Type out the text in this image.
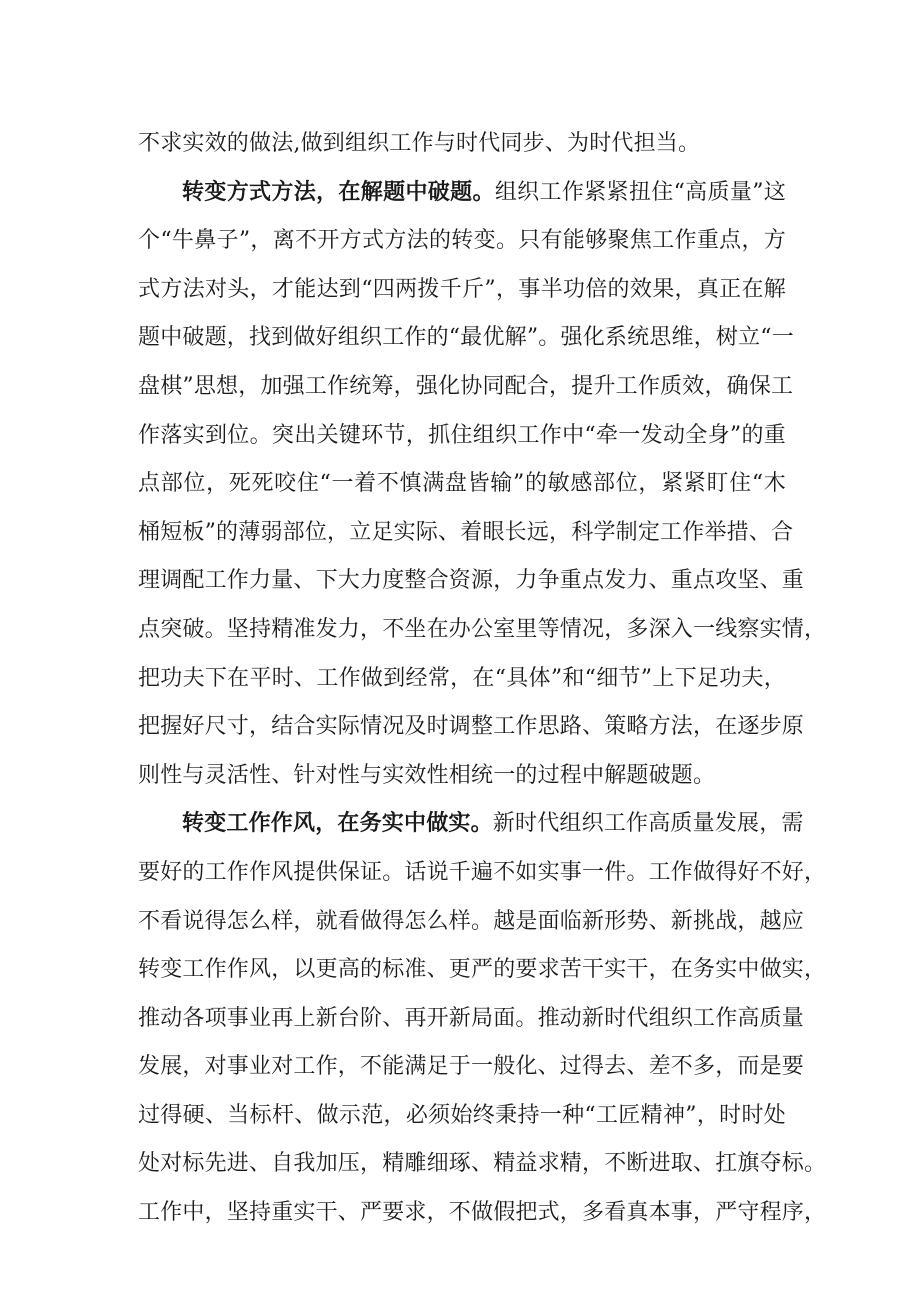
不求实效的做法,做到组织工作与时代同步、为时代担当。
转变方式方法，在解题中破题。组织工作紧紧扭住“高质量”这
个“牛鼻子”，离不开方式方法的转变。只有能够聚焦工作重点，方
式方法对头，才能达到“四两拨千斤”，事半功倍的效果，真正在解
题中破题，找到做好组织工作的“最优解”。强化系统思维，树立“一
盘棋”思想，加强工作统筹，强化协同配合，提升工作质效，确保工
作落实到位。突出关键环节，抓住组织工作中“牵一发动全身”的重
点部位，死死咬住“一着不慎满盘皆输”的敏感部位，紧紧盯住“木
桶短板”的薄弱部位，立足实际、着眼长远，科学制定工作举措、合
理调配工作力量、下大力度整合资源，力争重点发力、重点攻坚、重
点突破。坚持精准发力，不坐在办公室里等情况，多深入一线察实情，
把功夫下在平时、工作做到经常，在“具体”和“细节”上下足功夫，
把握好尺寸，结合实际情况及时调整工作思路、策略方法，在逐步原
则性与灵活性、针对性与实效性相统一的过程中解题破题。
转变工作作风，在务实中做实。新时代组织工作高质量发展，需
要好的工作作风提供保证。话说千遍不如实事一件。工作做得好不好，
不看说得怎么样，就看做得怎么样。越是面临新形势、新挑战，越应
转变工作作风，以更高的标准、更严的要求苦干实干，在务实中做实，
推动各项事业再上新台阶、再开新局面。推动新时代组织工作高质量
发展，对事业对工作，不能满足于一般化、过得去、差不多，而是要
过得硬、当标杆、做示范，必须始终秉持一种“工匠精神”，时时处
处对标先进、自我加压，精雕细琢、精益求精，不断进取、扛旗夺标。
工作中，坚持重实干、严要求，不做假把式，多看真本事，严守程序，
